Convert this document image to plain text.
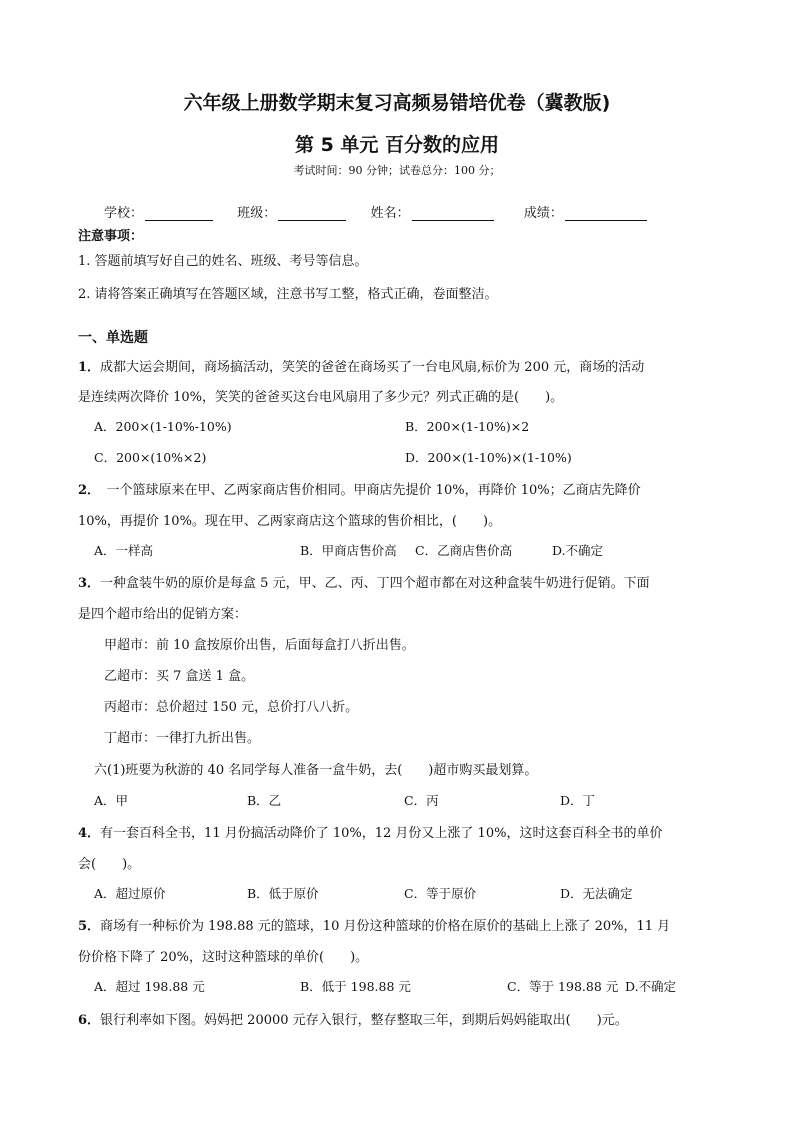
六年级上册数学期末复习高频易错培优卷（冀教版)
第 5 单元 百分数的应用
考试时间：90 分钟；试卷总分：100 分；
学校：	班级：	姓名：	成绩：
注意事项：
1. 答题前填写好自己的姓名、班级、考号等信息。
2. 请将答案正确填写在答题区域，注意书写工整，格式正确，卷面整洁。
一、单选题
1．成都大运会期间，商场搞活动，笑笑的爸爸在商场买了一台电风扇,标价为 200 元，商场的活动
是连续两次降价 10%，笑笑的爸爸买这台电风扇用了多少元？列式正确的是(　　)。
A．200×(1-10%-10%)	B．200×(1-10%)×2
C．200×(10%×2)	D．200×(1-10%)×(1-10%)
2．　一个篮球原来在甲、乙两家商店售价相同。甲商店先提价 10%，再降价 10%；乙商店先降价
10%，再提价 10%。现在甲、乙两家商店这个篮球的售价相比，(　　)。
A．一样高	B．甲商店售价高 C．乙商店售价高	D.不确定
3．一种盒装牛奶的原价是每盒 5 元，甲、乙、丙、丁四个超市都在对这种盒装牛奶进行促销。下面
是四个超市给出的促销方案：
甲超市：前 10 盒按原价出售，后面每盒打八折出售。
乙超市：买 7 盒送 1 盒。
丙超市：总价超过 150 元，总价打八八折。
丁超市：一律打九折出售。
六(1)班要为秋游的 40 名同学每人准备一盒牛奶，去(　　)超市购买最划算。
A．甲	B．乙	C．丙	D．丁
4．有一套百科全书，11 月份搞活动降价了 10%，12 月份又上涨了 10%，这时这套百科全书的单价
会(　　)。
A．超过原价	B．低于原价	C．等于原价	D．无法确定
5．商场有一种标价为 198.88 元的篮球，10 月份这种篮球的价格在原价的基础上上涨了 20%，11 月
份价格下降了 20%，这时这种篮球的单价(　　)。
A．超过 198.88 元	B．低于 198.88 元	C．等于 198.88 元 D.不确定
6．银行利率如下图。妈妈把 20000 元存入银行，整存整取三年，到期后妈妈能取出(　　)元。
